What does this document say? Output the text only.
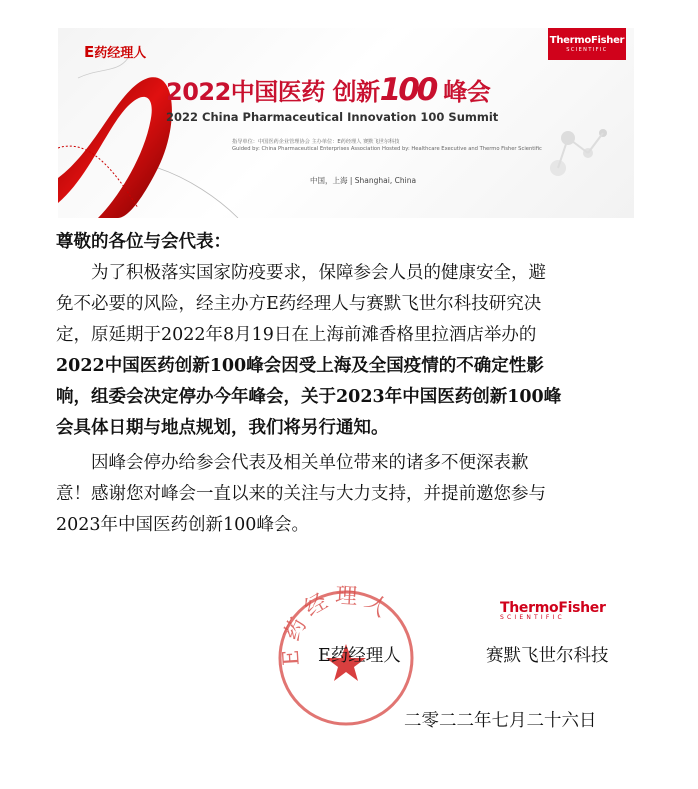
E药经理人
ThermoFisher
SCIENTIFIC
2022中国医药 创新100 峰会
2022 China Pharmaceutical Innovation 100 Summit
指导单位：中国医药企业管理协会 主办单位：E药经理人 赛默飞世尔科技
Guided by: China Pharmaceutical Enterprises Association Hosted by: Healthcare Executive and Thermo Fisher Scientific
中国，上海 | Shanghai, China
尊敬的各位与会代表：

　　为了积极落实国家防疫要求，保障参会人员的健康安全，避

免不必要的风险，经主办方E药经理人与赛默飞世尔科技研究决

定，原延期于2022年8月19日在上海前滩香格里拉酒店举办的

2022中国医药创新100峰会因受上海及全国疫情的不确定性影

响，组委会决定停办今年峰会，关于2023年中国医药创新100峰

会具体日期与地点规划，我们将另行通知。

　　因峰会停办给参会代表及相关单位带来的诸多不便深表歉

意！感谢您对峰会一直以来的关注与大力支持，并提前邀您参与

2023年中国医药创新100峰会。

E药经理人
E药经理人
ThermoFisher
SCIENTIFIC
赛默飞世尔科技
二零二二年七月二十六日
